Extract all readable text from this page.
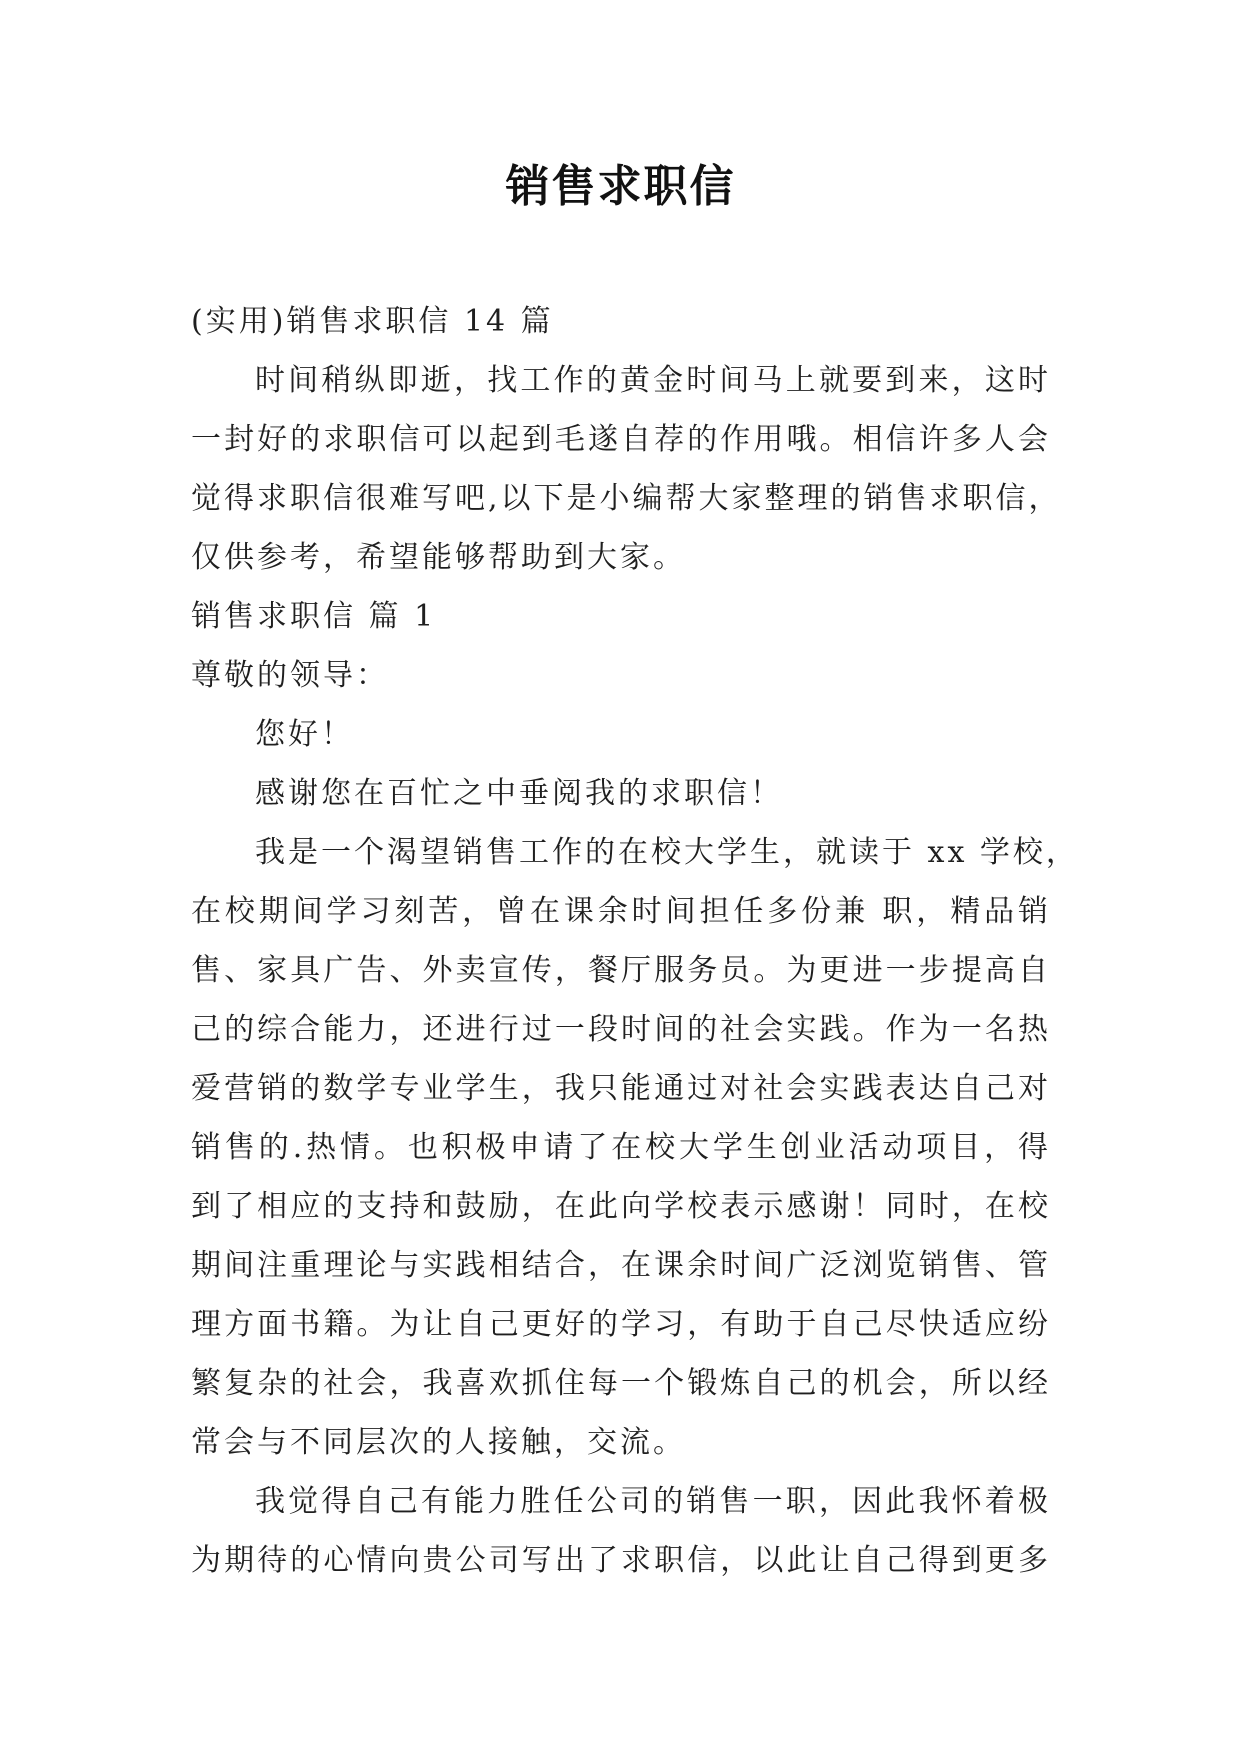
销售求职信
(实用)销售求职信 14 篇
时间稍纵即逝，找工作的黄金时间马上就要到来，这时
一封好的求职信可以起到毛遂自荐的作用哦。相信许多人会
觉得求职信很难写吧,以下是小编帮大家整理的销售求职信，
仅供参考，希望能够帮助到大家。
销售求职信 篇 1
尊敬的领导：
您好！
感谢您在百忙之中垂阅我的求职信！
我是一个渴望销售工作的在校大学生，就读于 xx 学校，
在校期间学习刻苦，曾在课余时间担任多份兼 职，精品销
售、家具广告、外卖宣传，餐厅服务员。为更进一步提高自
己的综合能力，还进行过一段时间的社会实践。作为一名热
爱营销的数学专业学生，我只能通过对社会实践表达自己对
销售的.热情。也积极申请了在校大学生创业活动项目，得
到了相应的支持和鼓励，在此向学校表示感谢！同时，在校
期间注重理论与实践相结合，在课余时间广泛浏览销售、管
理方面书籍。为让自己更好的学习，有助于自己尽快适应纷
繁复杂的社会，我喜欢抓住每一个锻炼自己的机会，所以经
常会与不同层次的人接触，交流。
我觉得自己有能力胜任公司的销售一职，因此我怀着极
为期待的心情向贵公司写出了求职信，以此让自己得到更多
